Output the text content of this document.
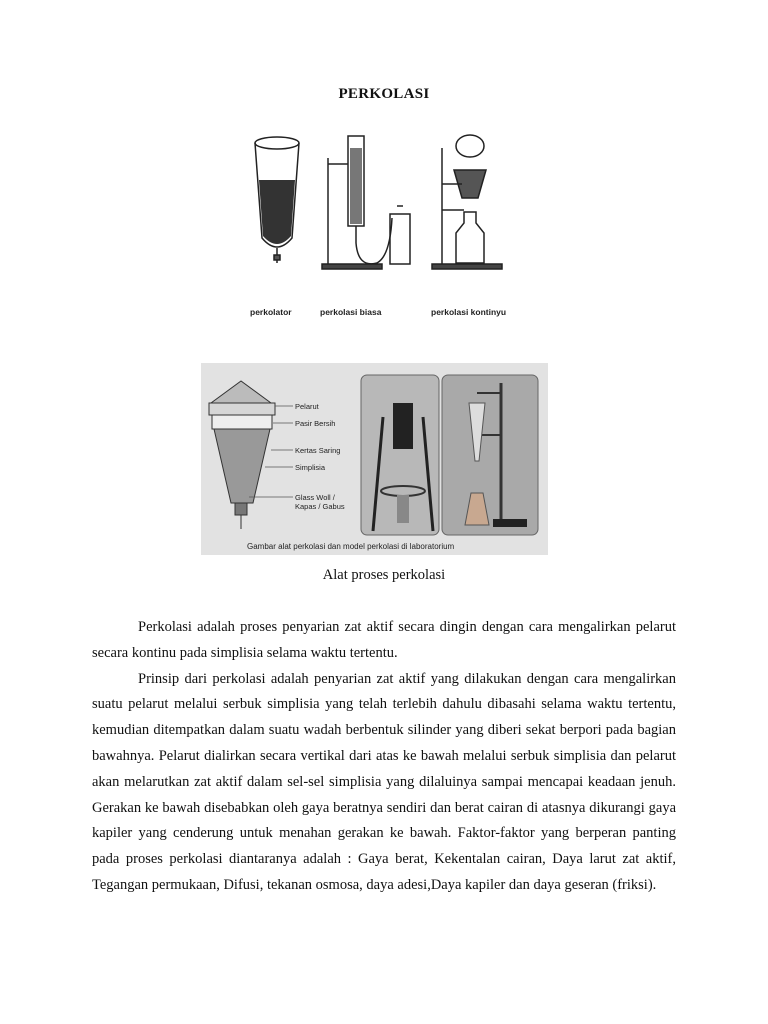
PERKOLASI
perkolator	perkolasi biasa	perkolasi kontinyu
Pelarut
Pasir Bersih
Kertas Saring
Simplisia
Glass Woll /
Kapas / Gabus
Gambar alat perkolasi dan model perkolasi di laboratorium
Alat proses perkolasi

Perkolasi adalah proses penyarian zat aktif secara dingin dengan cara mengalirkan pelarut secara kontinu pada simplisia selama waktu tertentu.

Prinsip dari perkolasi adalah penyarian zat aktif yang dilakukan dengan cara mengalirkan suatu pelarut melalui serbuk simplisia yang telah terlebih dahulu dibasahi selama waktu tertentu, kemudian ditempatkan dalam suatu wadah berbentuk silinder yang diberi sekat berpori pada bagian bawahnya. Pelarut dialirkan secara vertikal dari atas ke bawah melalui serbuk simplisia dan pelarut akan melarutkan zat aktif dalam sel-sel simplisia yang dilaluinya sampai mencapai keadaan jenuh. Gerakan ke bawah disebabkan oleh gaya beratnya sendiri dan berat cairan di atasnya dikurangi gaya kapiler yang cenderung untuk menahan gerakan ke bawah. Faktor-faktor yang berperan panting pada proses perkolasi diantaranya adalah : Gaya berat, Kekentalan cairan, Daya larut zat aktif, Tegangan permukaan, Difusi, tekanan osmosa, daya adesi,Daya kapiler dan daya geseran (friksi).
